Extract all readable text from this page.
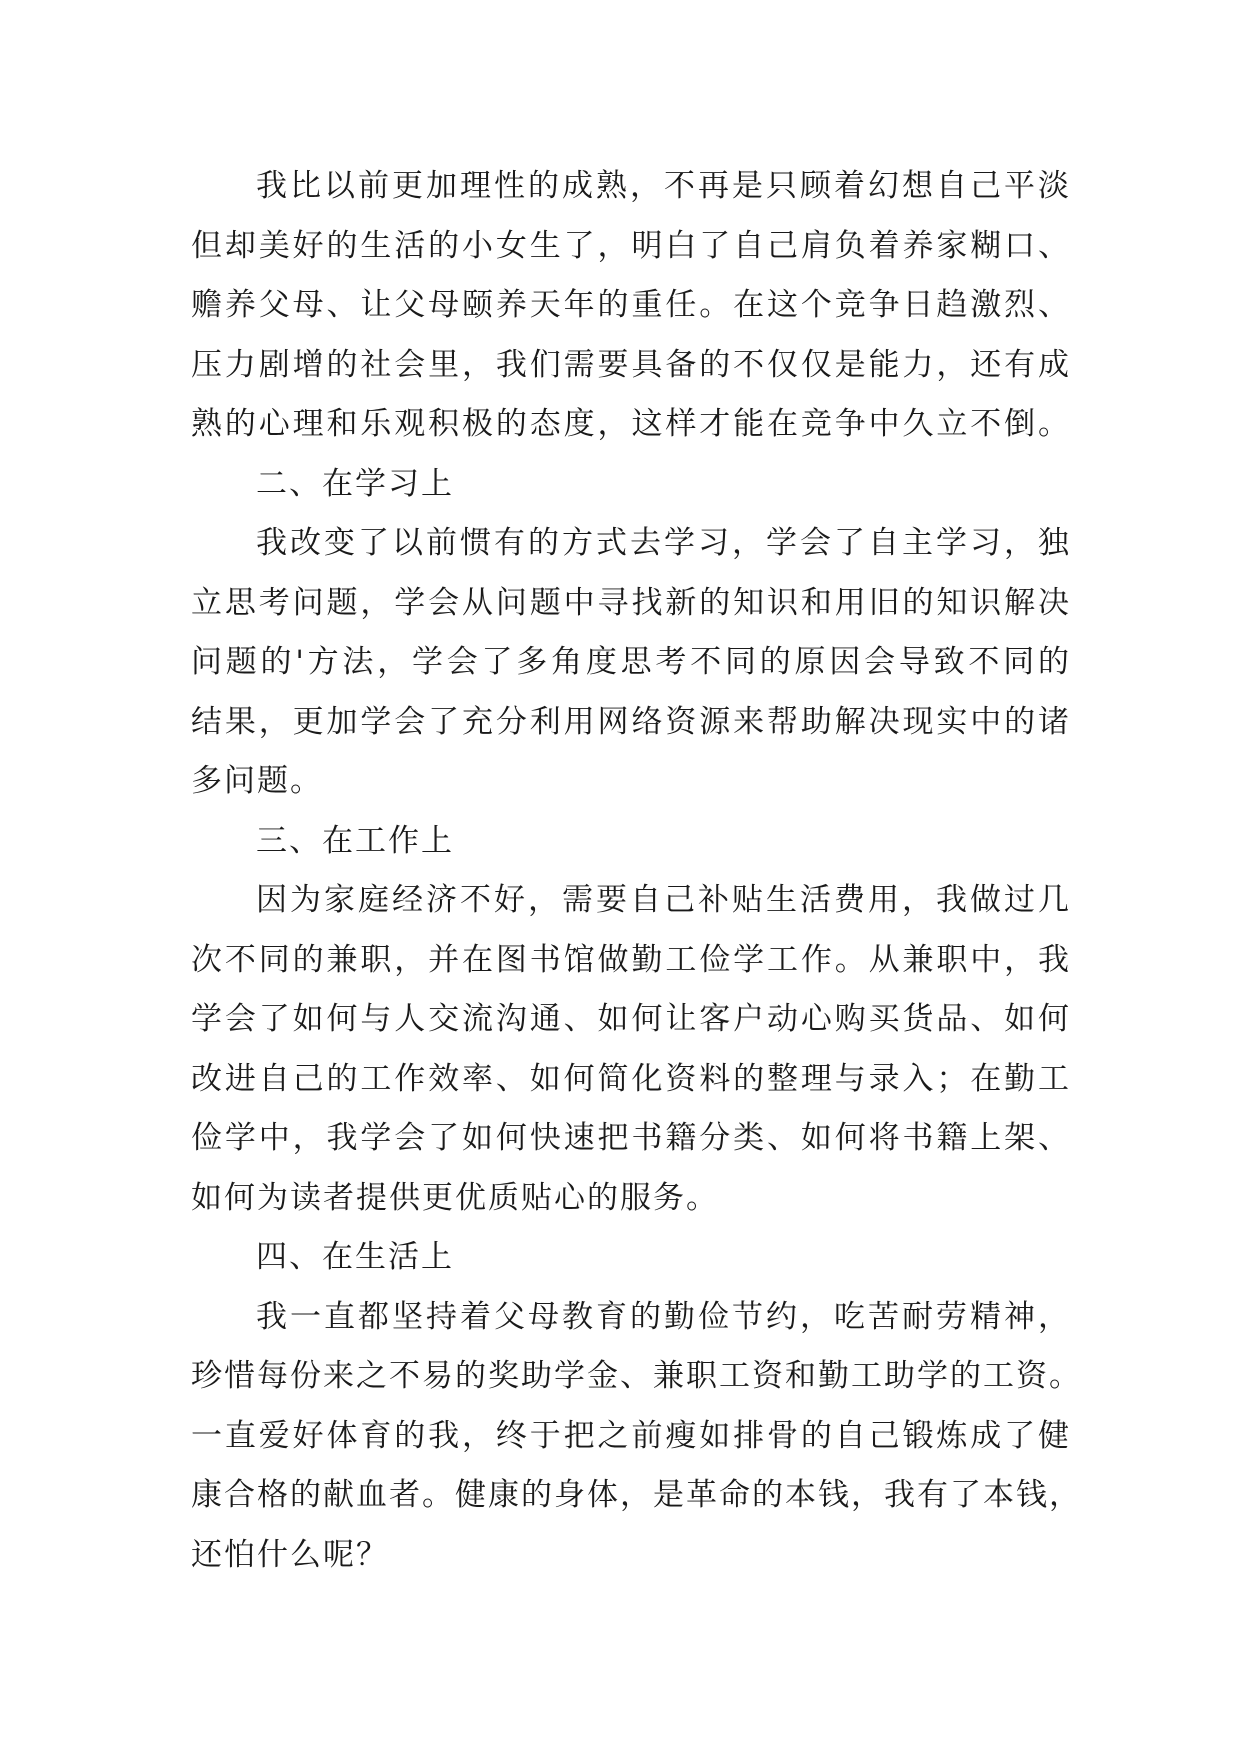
我比以前更加理性的成熟，不再是只顾着幻想自己平淡
但却美好的生活的小女生了，明白了自己肩负着养家糊口、
赡养父母、让父母颐养天年的重任。在这个竞争日趋激烈、
压力剧增的社会里，我们需要具备的不仅仅是能力，还有成
熟的心理和乐观积极的态度，这样才能在竞争中久立不倒。
二、在学习上
我改变了以前惯有的方式去学习，学会了自主学习，独
立思考问题，学会从问题中寻找新的知识和用旧的知识解决
问题的'方法，学会了多角度思考不同的原因会导致不同的
结果，更加学会了充分利用网络资源来帮助解决现实中的诸
多问题。
三、在工作上
因为家庭经济不好，需要自己补贴生活费用，我做过几
次不同的兼职，并在图书馆做勤工俭学工作。从兼职中，我
学会了如何与人交流沟通、如何让客户动心购买货品、如何
改进自己的工作效率、如何简化资料的整理与录入；在勤工
俭学中，我学会了如何快速把书籍分类、如何将书籍上架、
如何为读者提供更优质贴心的服务。
四、在生活上
我一直都坚持着父母教育的勤俭节约，吃苦耐劳精神，
珍惜每份来之不易的奖助学金、兼职工资和勤工助学的工资。
一直爱好体育的我，终于把之前瘦如排骨的自己锻炼成了健
康合格的献血者。健康的身体，是革命的本钱，我有了本钱，
还怕什么呢？
